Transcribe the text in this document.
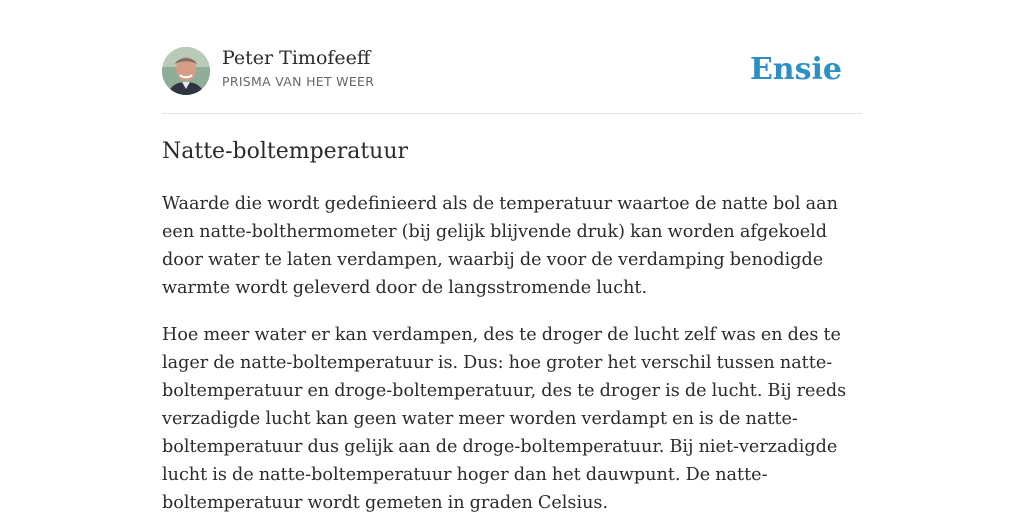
Peter Timofeeff
PRISMA VAN HET WEER	Ensie
Natte-boltemperatuur

Waarde die wordt gedefinieerd als de temperatuur waartoe de natte bol aan een natte-bolthermometer (bij gelijk blijvende druk) kan worden afgekoeld door water te laten verdampen, waarbij de voor de verdamping benodigde warmte wordt geleverd door de langsstromende lucht.

Hoe meer water er kan verdampen, des te droger de lucht zelf was en des te lager de natte-boltemperatuur is. Dus: hoe groter het verschil tussen natte-boltemperatuur en droge-boltemperatuur, des te droger is de lucht. Bij reeds verzadigde lucht kan geen water meer worden verdampt en is de natte-boltemperatuur dus gelijk aan de droge-boltemperatuur. Bij niet-verzadigde lucht is de natte-boltemperatuur hoger dan het dauwpunt. De natte-boltemperatuur wordt gemeten in graden Celsius.
